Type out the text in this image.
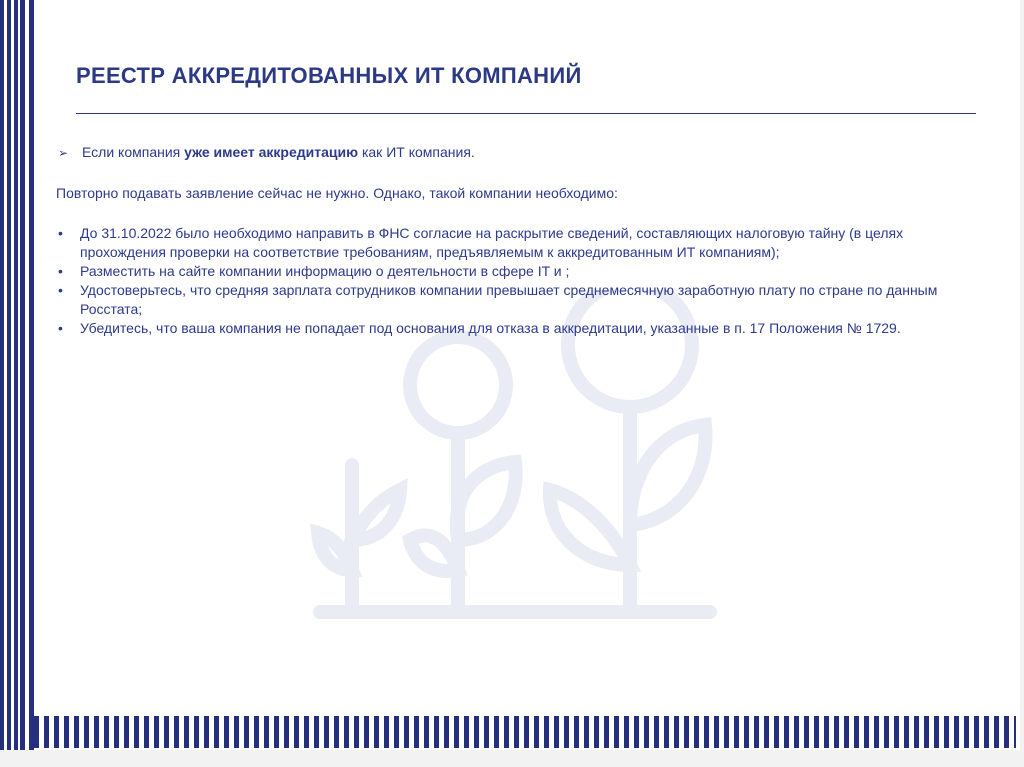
РЕЕСТР АККРЕДИТОВАННЫХ ИТ КОМПАНИЙ
➢ Если компания уже имеет аккредитацию как ИТ компания.
Повторно подавать заявление сейчас не нужно. Однако, такой компании необходимо:
•	До 31.10.2022 было необходимо направить в ФНС согласие на раскрытие сведений, составляющих налоговую тайну (в целях прохождения проверки на соответствие требованиям, предъявляемым к аккредитованным ИТ компаниям);
•	Разместить на сайте компании информацию о деятельности в сфере IT и ;
•	Удостоверьтесь, что средняя зарплата сотрудников компании превышает среднемесячную заработную плату по стране по данным Росстата;
•	Убедитесь, что ваша компания не попадает под основания для отказа в аккредитации, указанные в п. 17 Положения № 1729.
